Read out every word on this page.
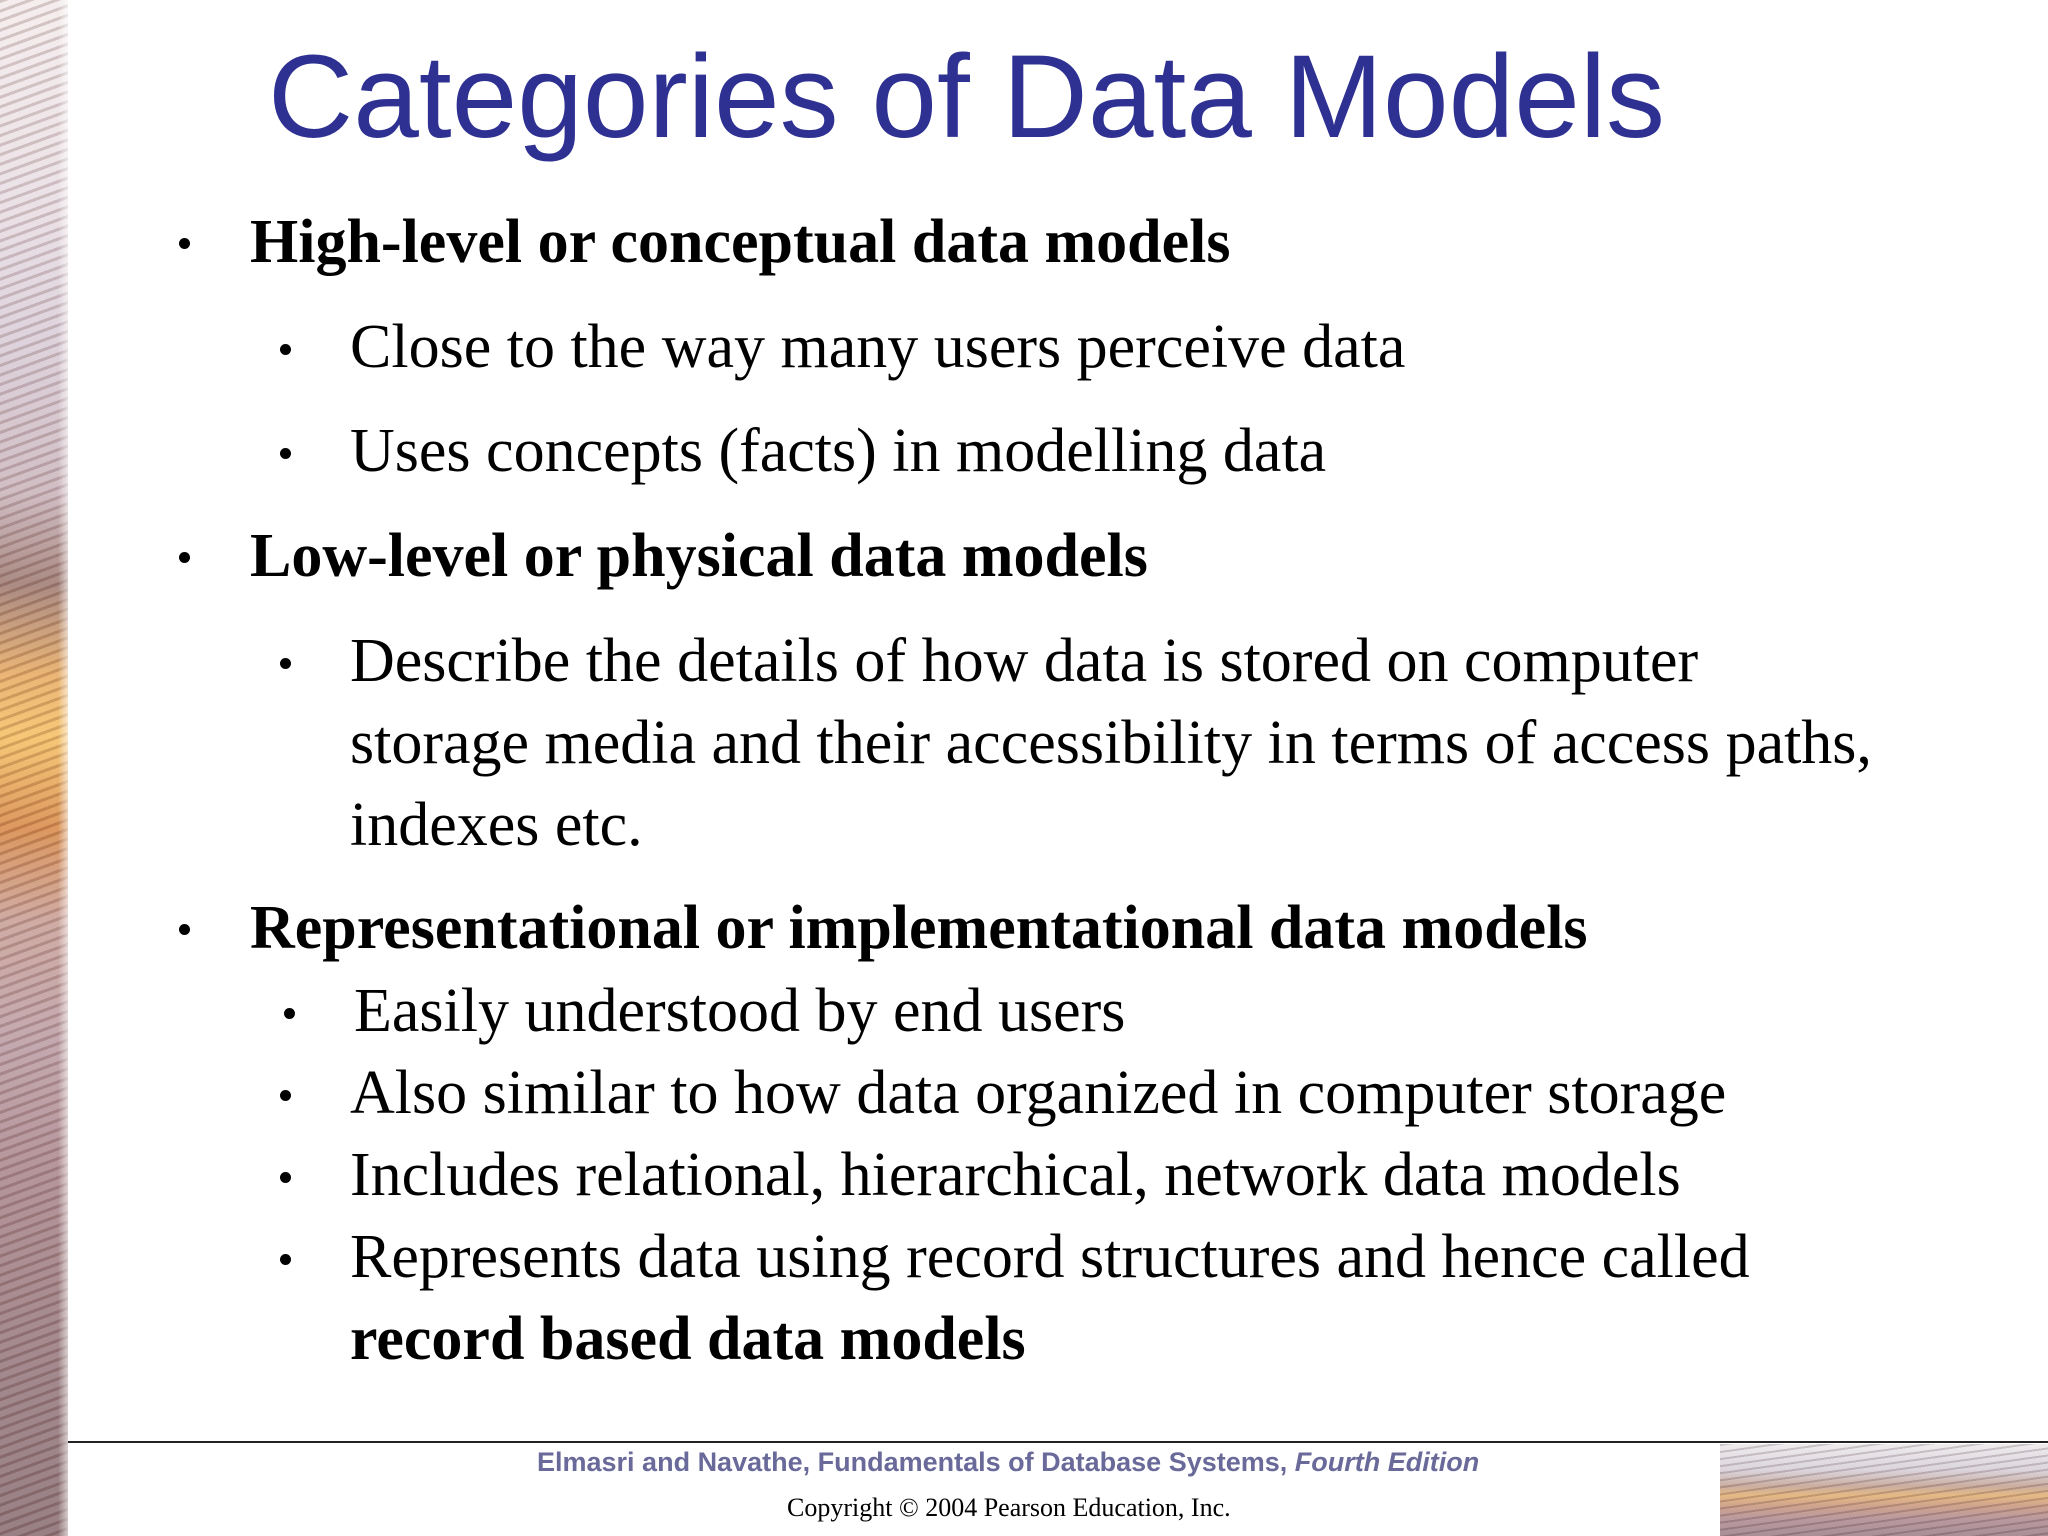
Categories of Data Models
High-level or conceptual data models
Close to the way many users perceive data
Uses concepts (facts) in modelling data
Low-level or physical data models
Describe the details of how data is stored on computer
storage media and their accessibility in terms of access paths,
indexes etc.
Representational or implementational data models
Easily understood by end users
Also similar to how data organized in computer storage
Includes relational, hierarchical, network data models
Represents data using record structures and hence called
record based data models
Elmasri and Navathe, Fundamentals of Database Systems, Fourth Edition
Copyright © 2004 Pearson Education, Inc.
